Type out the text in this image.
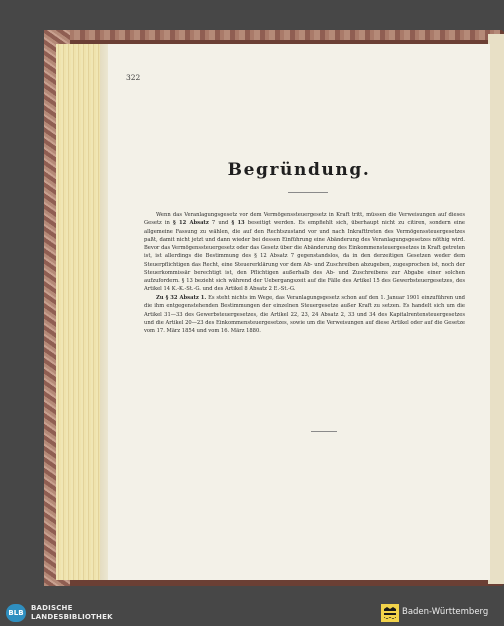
322
Begründung.

Wenn das Veranlagungsgesetz vor dem Vermögenssteuergesetz in Kraft tritt, müssen die Verweisungen auf dieses Gesetz in § 12 Absatz 7 und § 13 beseitigt werden. Es empfiehlt sich, überhaupt nicht zu citiren, sondern eine allgemeine Fassung zu wählen, die auf den Rechtszustand vor und nach Inkrafttreten des Vermögenssteuergesetzes paßt, damit nicht jetzt und dann wieder bei dessen Einführung eine Abänderung des Veranlagungsgesetzes nöthig wird. Bevor das Vermögenssteuergesetz oder das Gesetz über die Abänderung des Einkommensteuergesetzes in Kraft getreten ist, ist allerdings die Bestimmung des § 12 Absatz 7 gegenstandslos, da in den derzeitigen Gesetzen weder dem Steuerpflichtigen das Recht, eine Steuererklärung vor dem Ab- und Zuschreiben abzugeben, zugesprochen ist, noch der Steuerkommissär berechtigt ist, den Pflichtigen außerhalb des Ab- und Zuschreibens zur Abgabe einer solchen aufzufordern. § 13 bezieht sich während der Uebergangszeit auf die Fälle des Artikel 15 des Gewerbsteuergesetzes, des Artikel 14 K.-K.-St.-G. und des Artikel 8 Absatz 2 E.-St.-G.

Zu § 32 Absatz 1. Es steht nichts im Wege, das Veranlagungsgesetz schon auf den 1. Januar 1901 einzuführen und die ihm entgegenstehenden Bestimmungen der einzelnen Steuergesetze außer Kraft zu setzen. Es handelt sich um die Artikel 31—33 des Gewerbsteuergesetzes, die Artikel 22, 23, 24 Absatz 2, 33 und 34 des Kapitalrentensteuergesetzes und die Artikel 20—23 des Einkommensteuergesetzes, sowie um die Verweisungen auf diese Artikel oder auf die Gesetze vom 17. März 1854 und vom 16. März 1880.

BLB
BADISCHE
LANDESBIBLIOTHEK	Baden-Württemberg
